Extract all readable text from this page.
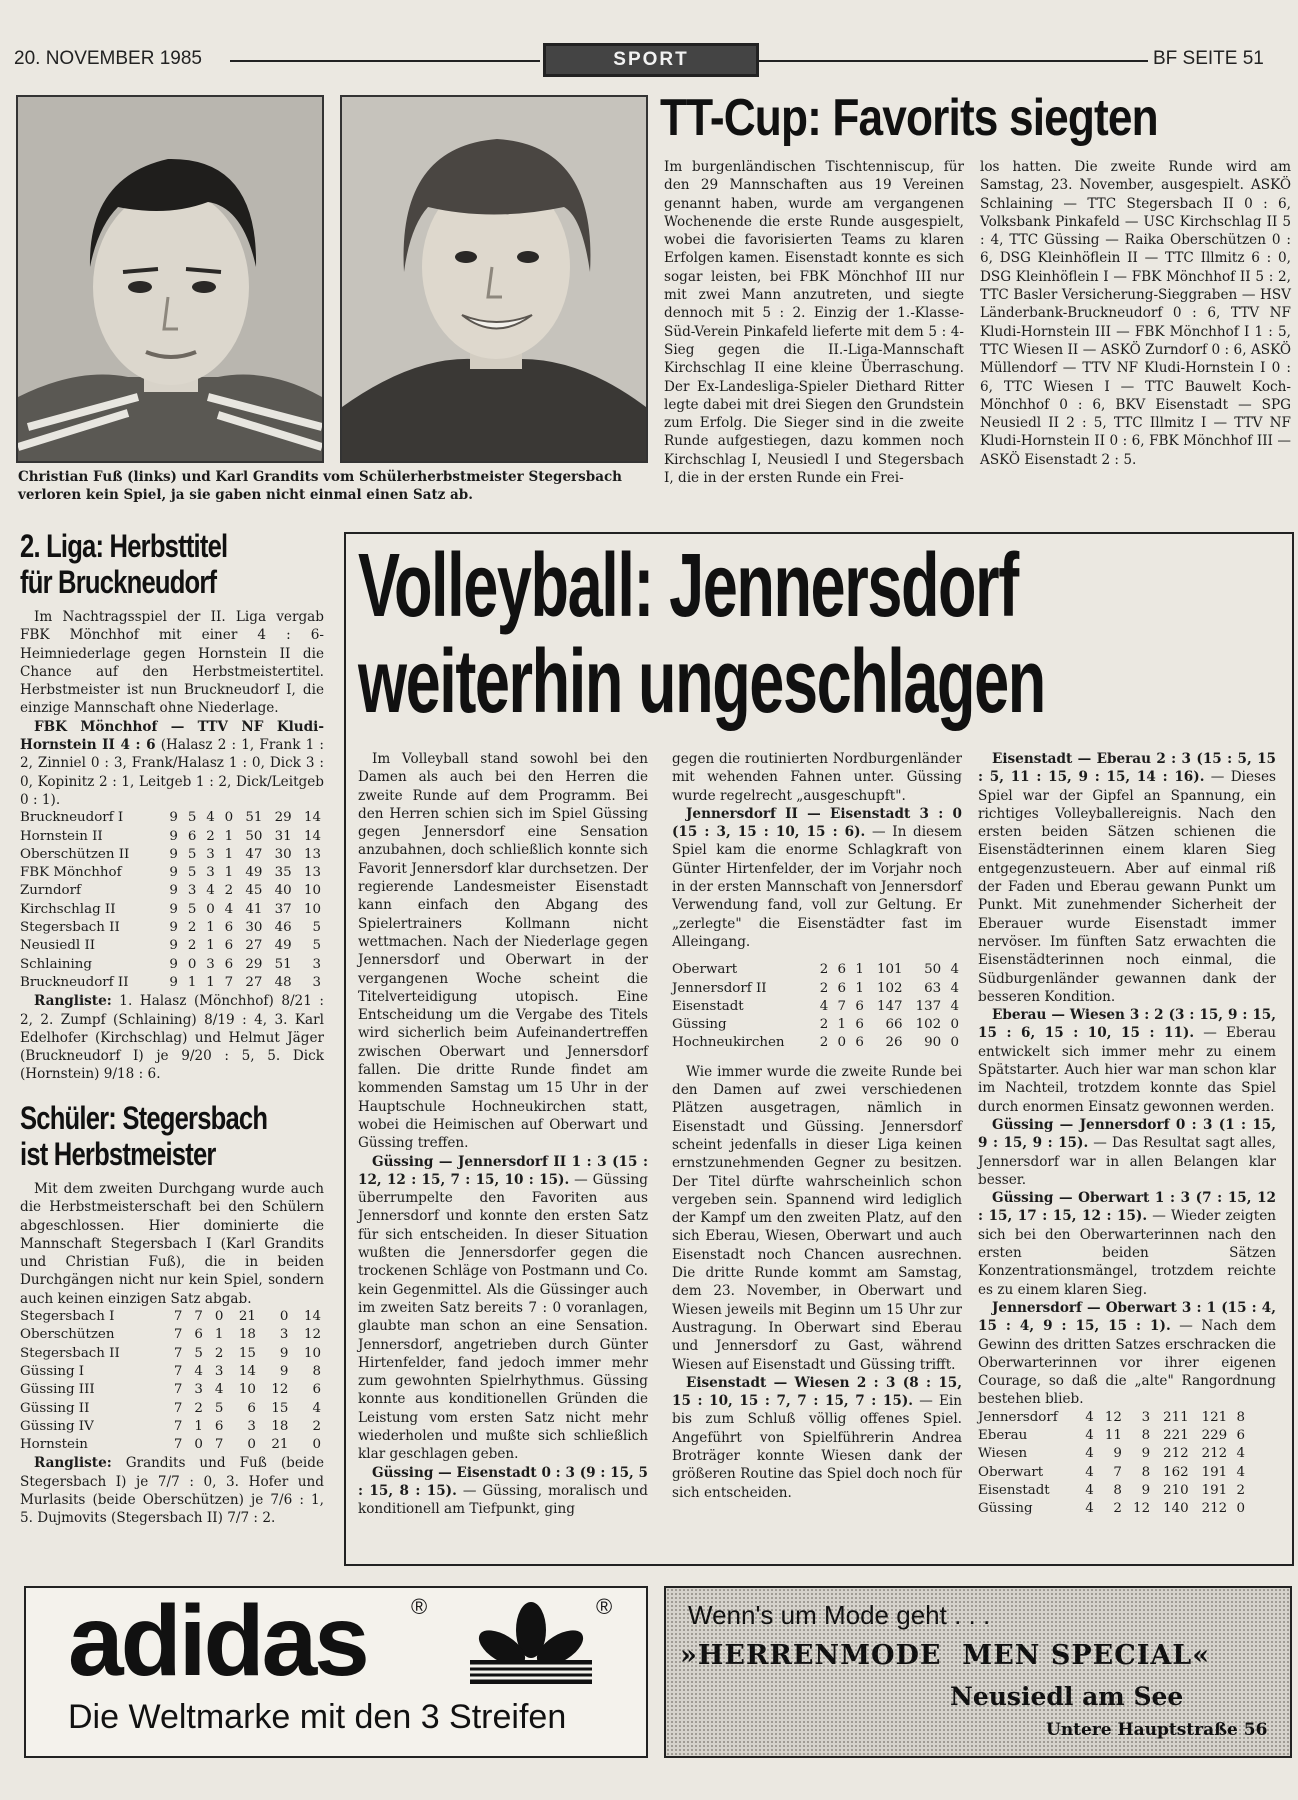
20. NOVEMBER 1985	SPORT	BF SEITE 51
Christian Fuß (links) und Karl Grandits vom Schülerherbstmeister Stegersbach verloren kein Spiel, ja sie gaben nicht einmal einen Satz ab.
TT-Cup: Favorits siegten
Im burgenländischen Tischtenniscup, für den 29 Mannschaften aus 19 Vereinen genannt haben, wurde am vergangenen Wochenende die erste Runde ausgespielt, wobei die favorisierten Teams zu klaren Erfolgen kamen. Eisenstadt konnte es sich sogar leisten, bei FBK Mönchhof III nur mit zwei Mann anzutreten, und siegte dennoch mit 5 : 2. Einzig der 1.-Klasse-Süd-Verein Pinkafeld lieferte mit dem 5 : 4-Sieg gegen die II.-Liga-Mannschaft Kirchschlag II eine kleine Überraschung. Der Ex-Landesliga-Spieler Diethard Ritter legte dabei mit drei Siegen den Grundstein zum Erfolg. Die Sieger sind in die zweite Runde aufgestiegen, dazu kommen noch Kirchschlag I, Neusiedl I und Stegersbach I, die in der ersten Runde ein Frei-
los hatten. Die zweite Runde wird am Samstag, 23. November, ausgespielt. ASKÖ Schlaining — TTC Stegersbach II 0 : 6, Volksbank Pinkafeld — USC Kirchschlag II 5 : 4, TTC Güssing — Raika Oberschützen 0 : 6, DSG Kleinhöflein II — TTC Illmitz 6 : 0, DSG Kleinhöflein I — FBK Mönchhof II 5 : 2, TTC Basler Versicherung-Sieggraben — HSV Länderbank-Bruckneudorf 0 : 6, TTV NF Kludi-Hornstein III — FBK Mönchhof I 1 : 5, TTC Wiesen II — ASKÖ Zurndorf 0 : 6, ASKÖ Müllendorf — TTV NF Kludi-Hornstein I 0 : 6, TTC Wiesen I — TTC Bauwelt Koch-Mönchhof 0 : 6, BKV Eisenstadt — SPG Neusiedl II 2 : 5, TTC Illmitz I — TTV NF Kludi-Hornstein II 0 : 6, FBK Mönchhof III — ASKÖ Eisenstadt 2 : 5.
2. Liga: Herbsttitel
für Bruckneudorf

Im Nachtragsspiel der II. Liga vergab FBK Mönchhof mit einer 4 : 6-Heimniederlage gegen Hornstein II die Chance auf den Herbstmeistertitel. Herbstmeister ist nun Bruckneudorf I, die einzige Mannschaft ohne Niederlage.

FBK Mönchhof — TTV NF Kludi-Hornstein II 4 : 6 (Halasz 2 : 1, Frank 1 : 2, Zinniel 0 : 3, Frank/Halasz 1 : 0, Dick 3 : 0, Kopinitz 2 : 1, Leitgeb 1 : 2, Dick/Leitgeb 0 : 1).

Bruckneudorf I	9	5	4	0	51	29	14
Hornstein II	9	6	2	1	50	31	14
Oberschützen II	9	5	3	1	47	30	13
FBK Mönchhof	9	5	3	1	49	35	13
Zurndorf	9	3	4	2	45	40	10
Kirchschlag II	9	5	0	4	41	37	10
Stegersbach II	9	2	1	6	30	46	5
Neusiedl II	9	2	1	6	27	49	5
Schlaining	9	0	3	6	29	51	3
Bruckneudorf II	9	1	1	7	27	48	3

Rangliste: 1. Halasz (Mönchhof) 8/21 : 2, 2. Zumpf (Schlaining) 8/19 : 4, 3. Karl Edelhofer (Kirchschlag) und Helmut Jäger (Bruckneudorf I) je 9/20 : 5, 5. Dick (Hornstein) 9/18 : 6.

Schüler: Stegersbach
ist Herbstmeister

Mit dem zweiten Durchgang wurde auch die Herbstmeisterschaft bei den Schülern abgeschlossen. Hier dominierte die Mannschaft Stegersbach I (Karl Grandits und Christian Fuß), die in beiden Durchgängen nicht nur kein Spiel, sondern auch keinen einzigen Satz abgab.

Stegersbach I	7	7	0	21	0	14
Oberschützen	7	6	1	18	3	12
Stegersbach II	7	5	2	15	9	10
Güssing I	7	4	3	14	9	8
Güssing III	7	3	4	10	12	6
Güssing II	7	2	5	6	15	4
Güssing IV	7	1	6	3	18	2
Hornstein	7	0	7	0	21	0

Rangliste: Grandits und Fuß (beide Stegersbach I) je 7/7 : 0, 3. Hofer und Murlasits (beide Oberschützen) je 7/6 : 1, 5. Dujmovits (Stegersbach II) 7/7 : 2.

Volleyball: Jennersdorf
weiterhin ungeschlagen

Im Volleyball stand sowohl bei den Damen als auch bei den Herren die zweite Runde auf dem Programm. Bei den Herren schien sich im Spiel Güssing gegen Jennersdorf eine Sensation anzubahnen, doch schließlich konnte sich Favorit Jennersdorf klar durchsetzen. Der regierende Landesmeister Eisenstadt kann einfach den Abgang des Spielertrainers Kollmann nicht wettmachen. Nach der Niederlage gegen Jennersdorf und Oberwart in der vergangenen Woche scheint die Titelverteidigung utopisch. Eine Entscheidung um die Vergabe des Titels wird sicherlich beim Aufeinandertreffen zwischen Oberwart und Jennersdorf fallen. Die dritte Runde findet am kommenden Samstag um 15 Uhr in der Hauptschule Hochneukirchen statt, wobei die Heimischen auf Oberwart und Güssing treffen.

Güssing — Jennersdorf II 1 : 3 (15 : 12, 12 : 15, 7 : 15, 10 : 15). — Güssing überrumpelte den Favoriten aus Jennersdorf und konnte den ersten Satz für sich entscheiden. In dieser Situation wußten die Jennersdorfer gegen die trockenen Schläge von Postmann und Co. kein Gegenmittel. Als die Güssinger auch im zweiten Satz bereits 7 : 0 voranlagen, glaubte man schon an eine Sensation. Jennersdorf, angetrieben durch Günter Hirtenfelder, fand jedoch immer mehr zum gewohnten Spielrhythmus. Güssing konnte aus konditionellen Gründen die Leistung vom ersten Satz nicht mehr wiederholen und mußte sich schließlich klar geschlagen geben.

Güssing — Eisenstadt 0 : 3 (9 : 15, 5 : 15, 8 : 15). — Güssing, moralisch und konditionell am Tiefpunkt, ging

gegen die routinierten Nordburgenländer mit wehenden Fahnen unter. Güssing wurde regelrecht „ausgeschupft".

Jennersdorf II — Eisenstadt 3 : 0 (15 : 3, 15 : 10, 15 : 6). — In diesem Spiel kam die enorme Schlagkraft von Günter Hirtenfelder, der im Vorjahr noch in der ersten Mannschaft von Jennersdorf Verwendung fand, voll zur Geltung. Er „zerlegte" die Eisenstädter fast im Alleingang.

Oberwart	2	6	1	101	50	4
Jennersdorf II	2	6	1	102	63	4
Eisenstadt	4	7	6	147	137	4
Güssing	2	1	6	66	102	0
Hochneukirchen	2	0	6	26	90	0

Wie immer wurde die zweite Runde bei den Damen auf zwei verschiedenen Plätzen ausgetragen, nämlich in Eisenstadt und Güssing. Jennersdorf scheint jedenfalls in dieser Liga keinen ernstzunehmenden Gegner zu besitzen. Der Titel dürfte wahrscheinlich schon vergeben sein. Spannend wird lediglich der Kampf um den zweiten Platz, auf den sich Eberau, Wiesen, Oberwart und auch Eisenstadt noch Chancen ausrechnen. Die dritte Runde kommt am Samstag, dem 23. November, in Oberwart und Wiesen jeweils mit Beginn um 15 Uhr zur Austragung. In Oberwart sind Eberau und Jennersdorf zu Gast, während Wiesen auf Eisenstadt und Güssing trifft.

Eisenstadt — Wiesen 2 : 3 (8 : 15, 15 : 10, 15 : 7, 7 : 15, 7 : 15). — Ein bis zum Schluß völlig offenes Spiel. Angeführt von Spielführerin Andrea Broträger konnte Wiesen dank der größeren Routine das Spiel doch noch für sich entscheiden.

Eisenstadt — Eberau 2 : 3 (15 : 5, 15 : 5, 11 : 15, 9 : 15, 14 : 16). — Dieses Spiel war der Gipfel an Spannung, ein richtiges Volleyballereignis. Nach den ersten beiden Sätzen schienen die Eisenstädterinnen einem klaren Sieg entgegenzusteuern. Aber auf einmal riß der Faden und Eberau gewann Punkt um Punkt. Mit zunehmender Sicherheit der Eberauer wurde Eisenstadt immer nervöser. Im fünften Satz erwachten die Eisenstädterinnen noch einmal, die Südburgenländer gewannen dank der besseren Kondition.

Eberau — Wiesen 3 : 2 (3 : 15, 9 : 15, 15 : 6, 15 : 10, 15 : 11). — Eberau entwickelt sich immer mehr zu einem Spätstarter. Auch hier war man schon klar im Nachteil, trotzdem konnte das Spiel durch enormen Einsatz gewonnen werden.

Güssing — Jennersdorf 0 : 3 (1 : 15, 9 : 15, 9 : 15). — Das Resultat sagt alles, Jennersdorf war in allen Belangen klar besser.

Güssing — Oberwart 1 : 3 (7 : 15, 12 : 15, 17 : 15, 12 : 15). — Wieder zeigten sich bei den Oberwarterinnen nach den ersten beiden Sätzen Konzentrationsmängel, trotzdem reichte es zu einem klaren Sieg.

Jennersdorf — Oberwart 3 : 1 (15 : 4, 15 : 4, 9 : 15, 15 : 1). — Nach dem Gewinn des dritten Satzes erschracken die Oberwarterinnen vor ihrer eigenen Courage, so daß die „alte" Rangordnung bestehen blieb.

Jennersdorf	4	12	3	211	121	8
Eberau	4	11	8	221	229	6
Wiesen	4	9	9	212	212	4
Oberwart	4	7	8	162	191	4
Eisenstadt	4	8	9	210	191	2
Güssing	4	2	12	140	212	0
adidas ®	®
Die Weltmarke mit den 3 Streifen
Wenn's um Mode geht . . .
»HERRENMODE  MEN SPECIAL«
Neusiedl am See
Untere Hauptstraße 56
